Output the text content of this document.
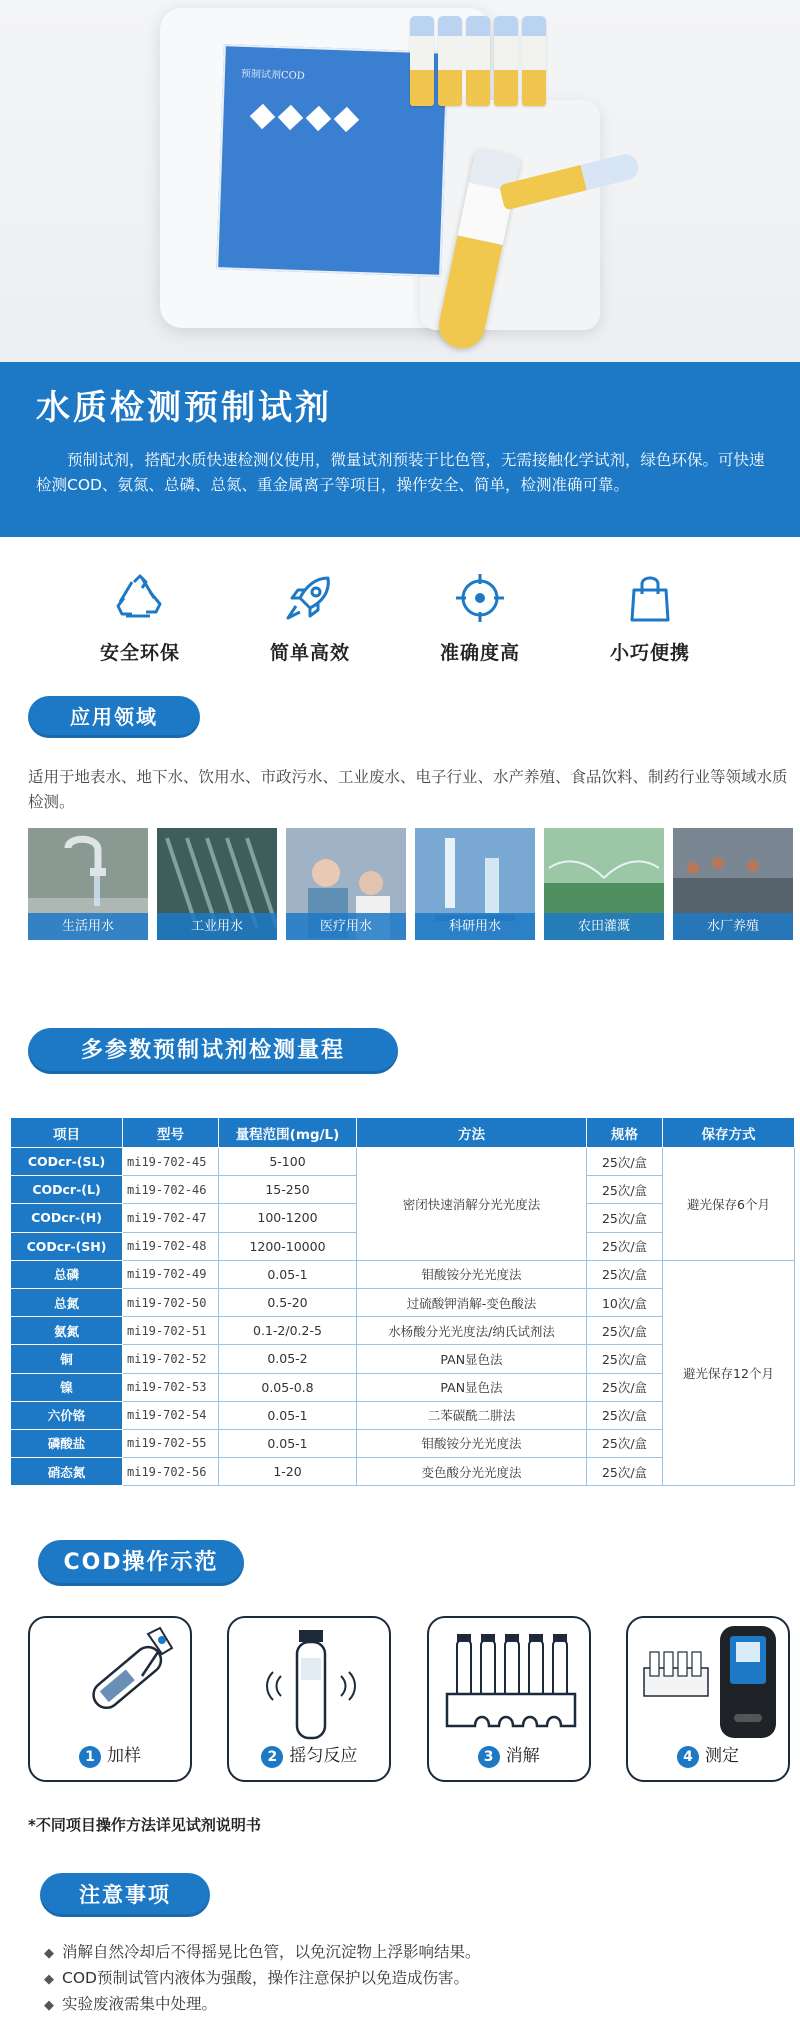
预制试剂COD
水质检测预制试剂
预制试剂，搭配水质快速检测仪使用，微量试剂预装于比色管，无需接触化学试剂，绿色环保。可快速检测COD、氨氮、总磷、总氮、重金属离子等项目，操作安全、简单，检测准确可靠。
安全环保	简单高效	准确度高	小巧便携
应用领域
适用于地表水、地下水、饮用水、市政污水、工业废水、电子行业、水产养殖、食品饮料、制药行业等领域水质检测。
生活用水	工业用水	医疗用水	科研用水	农田灌溉	水厂养殖
多参数预制试剂检测量程
项目	型号	量程范围(mg/L)	方法	规格	保存方式
CODcr-(SL)	mi19-702-45	5-100	密闭快速消解分光光度法	25次/盒	避光保存6个月
CODcr-(L)	mi19-702-46	15-250		25次/盒	
CODcr-(H)	mi19-702-47	100-1200		25次/盒	
CODcr-(SH)	mi19-702-48	1200-10000		25次/盒	
总磷	mi19-702-49	0.05-1	钼酸铵分光光度法	25次/盒	避光保存12个月
总氮	mi19-702-50	0.5-20	过硫酸钾消解-变色酸法	10次/盒	
氨氮	mi19-702-51	0.1-2/0.2-5	水杨酸分光光度法/纳氏试剂法	25次/盒	
铜	mi19-702-52	0.05-2	PAN显色法	25次/盒	
镍	mi19-702-53	0.05-0.8	PAN显色法	25次/盒	
六价铬	mi19-702-54	0.05-1	二苯碳酰二肼法	25次/盒	
磷酸盐	mi19-702-55	0.05-1	钼酸铵分光光度法	25次/盒	
硝态氮	mi19-702-56	1-20	变色酸分光光度法	25次/盒	
COD操作示范
1 加样	2 摇匀反应	3 消解	4 测定
*不同项目操作方法详见试剂说明书
注意事项
◆ 消解自然冷却后不得摇晃比色管，以免沉淀物上浮影响结果。
◆ COD预制试管内液体为强酸，操作注意保护以免造成伤害。
◆ 实验废液需集中处理。
